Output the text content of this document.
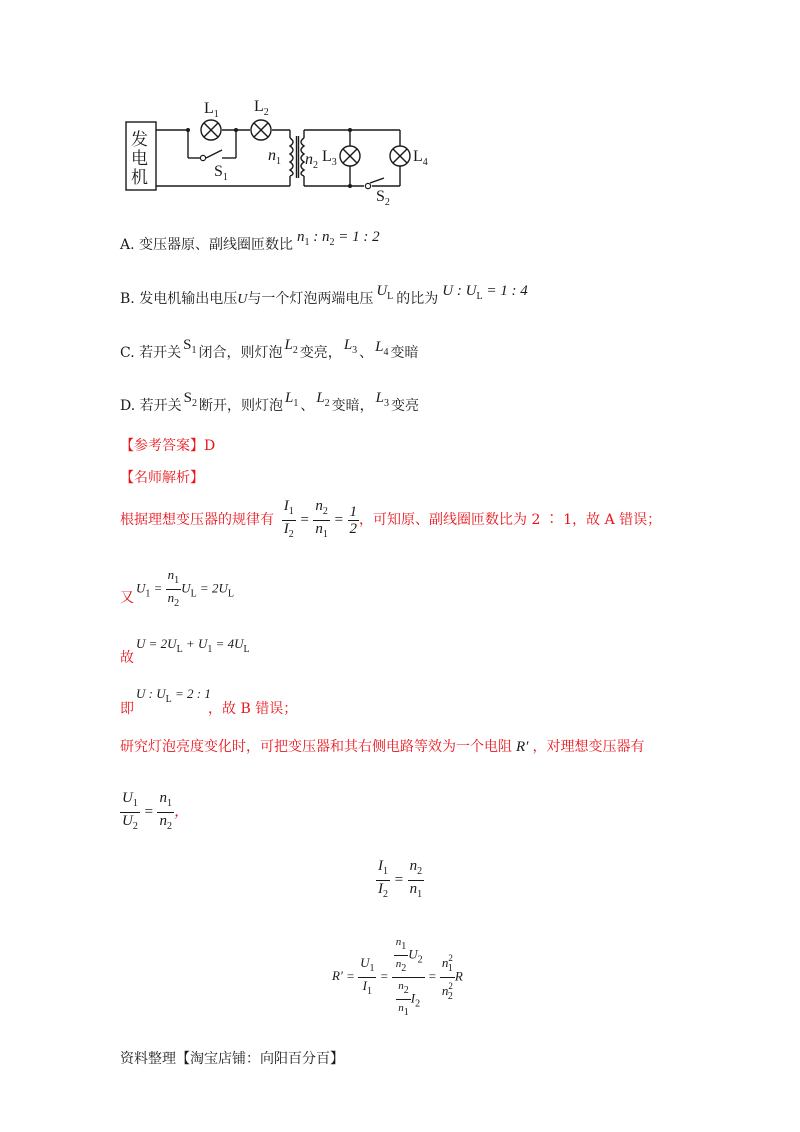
发
电
机
$L_1$ $L_2$
$L_3$	$L_4$
$S_1$
$S_2$
$n_1$ $n_2$
A. 变压器原、副线圈匝数比 $n_1$ : $n_2 = 1$ : 2
B. 发电机输出电压U与一个灯泡两端电压 $U_L$ 的比为 U : $U_L = 1$ : 4
C. 若开关 $S_1$ 闭合，则灯泡 $L_2$ 变亮， $L_3$ 、 $L_4$ 变暗
D. 若开关 $S_2$ 断开，则灯泡 $L_1$ 、 $L_2$ 变暗， $L_3$ 变亮
【参考答案】D
【名师解析】
根据理想变压器的规律有 $\frac{I_1}{I_2} = \frac{n_2}{n_1} = \frac{1}{2}$ ，可知原、副线圈匝数比为 2 ∶ 1，故 A 错误；
又
$U_1 = \frac{n_1}{n_2} U_L = 2U_L$
故
$U = 2U_L + U_1 = 4U_L$
即	，故 B 错误；
U : $U_L = 2$ : 1
研究灯泡亮度变化时，可把变压器和其右侧电路等效为一个电阻 R′ ，对理想变压器有
$\frac{U_1}{U_2} = \frac{n_1}{n_2}$ ，
$\frac{I_1}{I_2} = \frac{n_2}{n_1}$
$R' = \frac{U_1}{I_1} = \frac{\frac{n1}{n2} U_2}{\frac{n2}{n1} I_2} = \frac{n^2_1}{n^2_2}$ R
资料整理【淘宝店铺：向阳百分百】
